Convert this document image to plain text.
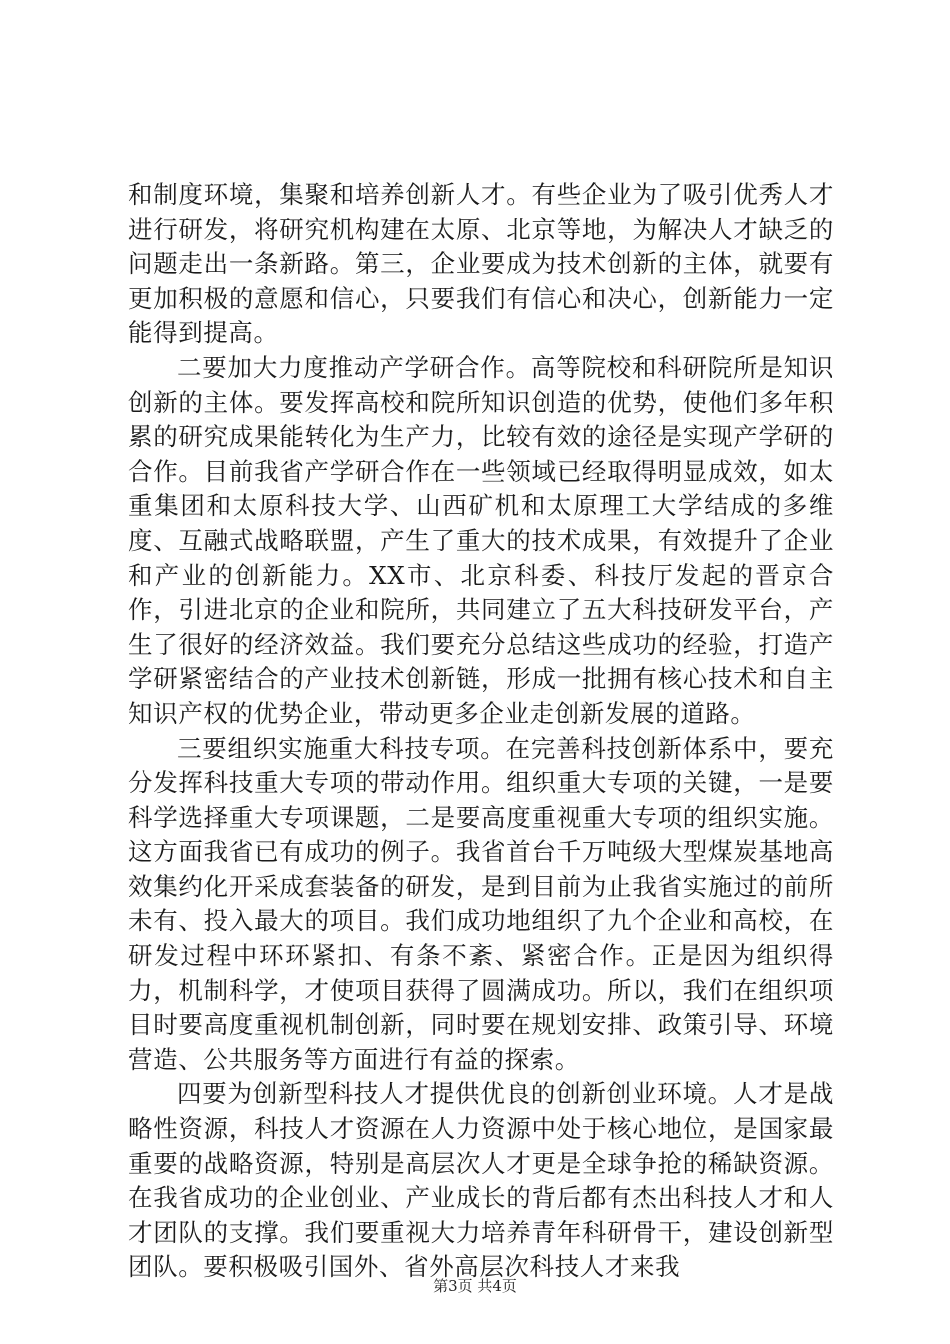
和制度环境，集聚和培养创新人才。有些企业为了吸引优秀人才进行研发，将研究机构建在太原、北京等地，为解决人才缺乏的问题走出一条新路。第三，企业要成为技术创新的主体，就要有更加积极的意愿和信心，只要我们有信心和决心，创新能力一定能得到提高。

二要加大力度推动产学研合作。高等院校和科研院所是知识创新的主体。要发挥高校和院所知识创造的优势，使他们多年积累的研究成果能转化为生产力，比较有效的途径是实现产学研的合作。目前我省产学研合作在一些领域已经取得明显成效，如太重集团和太原科技大学、山西矿机和太原理工大学结成的多维度、互融式战略联盟，产生了重大的技术成果，有效提升了企业和产业的创新能力。XX市、北京科委、科技厅发起的晋京合作，引进北京的企业和院所，共同建立了五大科技研发平台，产生了很好的经济效益。我们要充分总结这些成功的经验，打造产学研紧密结合的产业技术创新链，形成一批拥有核心技术和自主知识产权的优势企业，带动更多企业走创新发展的道路。

三要组织实施重大科技专项。在完善科技创新体系中，要充分发挥科技重大专项的带动作用。组织重大专项的关键，一是要科学选择重大专项课题，二是要高度重视重大专项的组织实施。这方面我省已有成功的例子。我省首台千万吨级大型煤炭基地高效集约化开采成套装备的研发，是到目前为止我省实施过的前所未有、投入最大的项目。我们成功地组织了九个企业和高校，在研发过程中环环紧扣、有条不紊、紧密合作。正是因为组织得力，机制科学，才使项目获得了圆满成功。所以，我们在组织项目时要高度重视机制创新，同时要在规划安排、政策引导、环境营造、公共服务等方面进行有益的探索。

四要为创新型科技人才提供优良的创新创业环境。人才是战略性资源，科技人才资源在人力资源中处于核心地位，是国家最重要的战略资源，特别是高层次人才更是全球争抢的稀缺资源。在我省成功的企业创业、产业成长的背后都有杰出科技人才和人才团队的支撑。我们要重视大力培养青年科研骨干，建设创新型团队。要积极吸引国外、省外高层次科技人才来我

第3页 共4页
